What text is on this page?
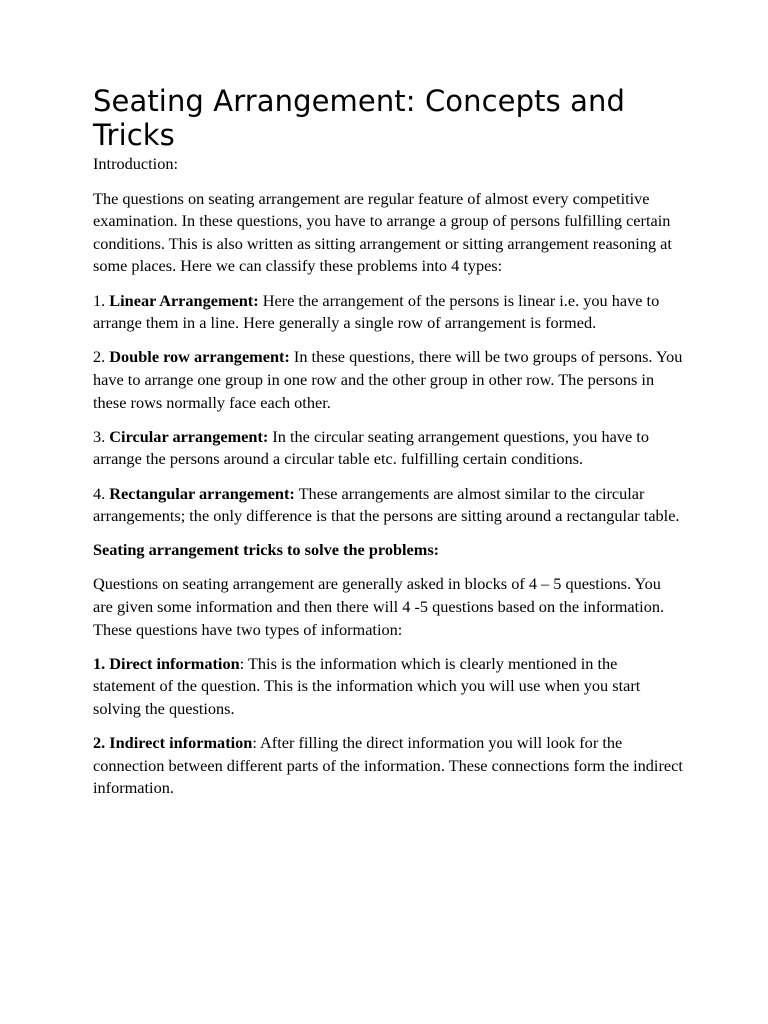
Seating Arrangement: Concepts and Tricks

Introduction:

The questions on seating arrangement are regular feature of almost every competitive examination. In these questions, you have to arrange a group of persons fulfilling certain conditions. This is also written as sitting arrangement or sitting arrangement reasoning at some places. Here we can classify these problems into 4 types:

1. Linear Arrangement: Here the arrangement of the persons is linear i.e. you have to arrange them in a line. Here generally a single row of arrangement is formed.

2. Double row arrangement: In these questions, there will be two groups of persons. You have to arrange one group in one row and the other group in other row. The persons in these rows normally face each other.

3. Circular arrangement: In the circular seating arrangement questions, you have to arrange the persons around a circular table etc. fulfilling certain conditions.

4. Rectangular arrangement: These arrangements are almost similar to the circular arrangements; the only difference is that the persons are sitting around a rectangular table.

Seating arrangement tricks to solve the problems:

Questions on seating arrangement are generally asked in blocks of 4 – 5 questions. You are given some information and then there will 4 -5 questions based on the information. These questions have two types of information:

1. Direct information: This is the information which is clearly mentioned in the statement of the question. This is the information which you will use when you start solving the questions.

2. Indirect information: After filling the direct information you will look for the connection between different parts of the information. These connections form the indirect information.
